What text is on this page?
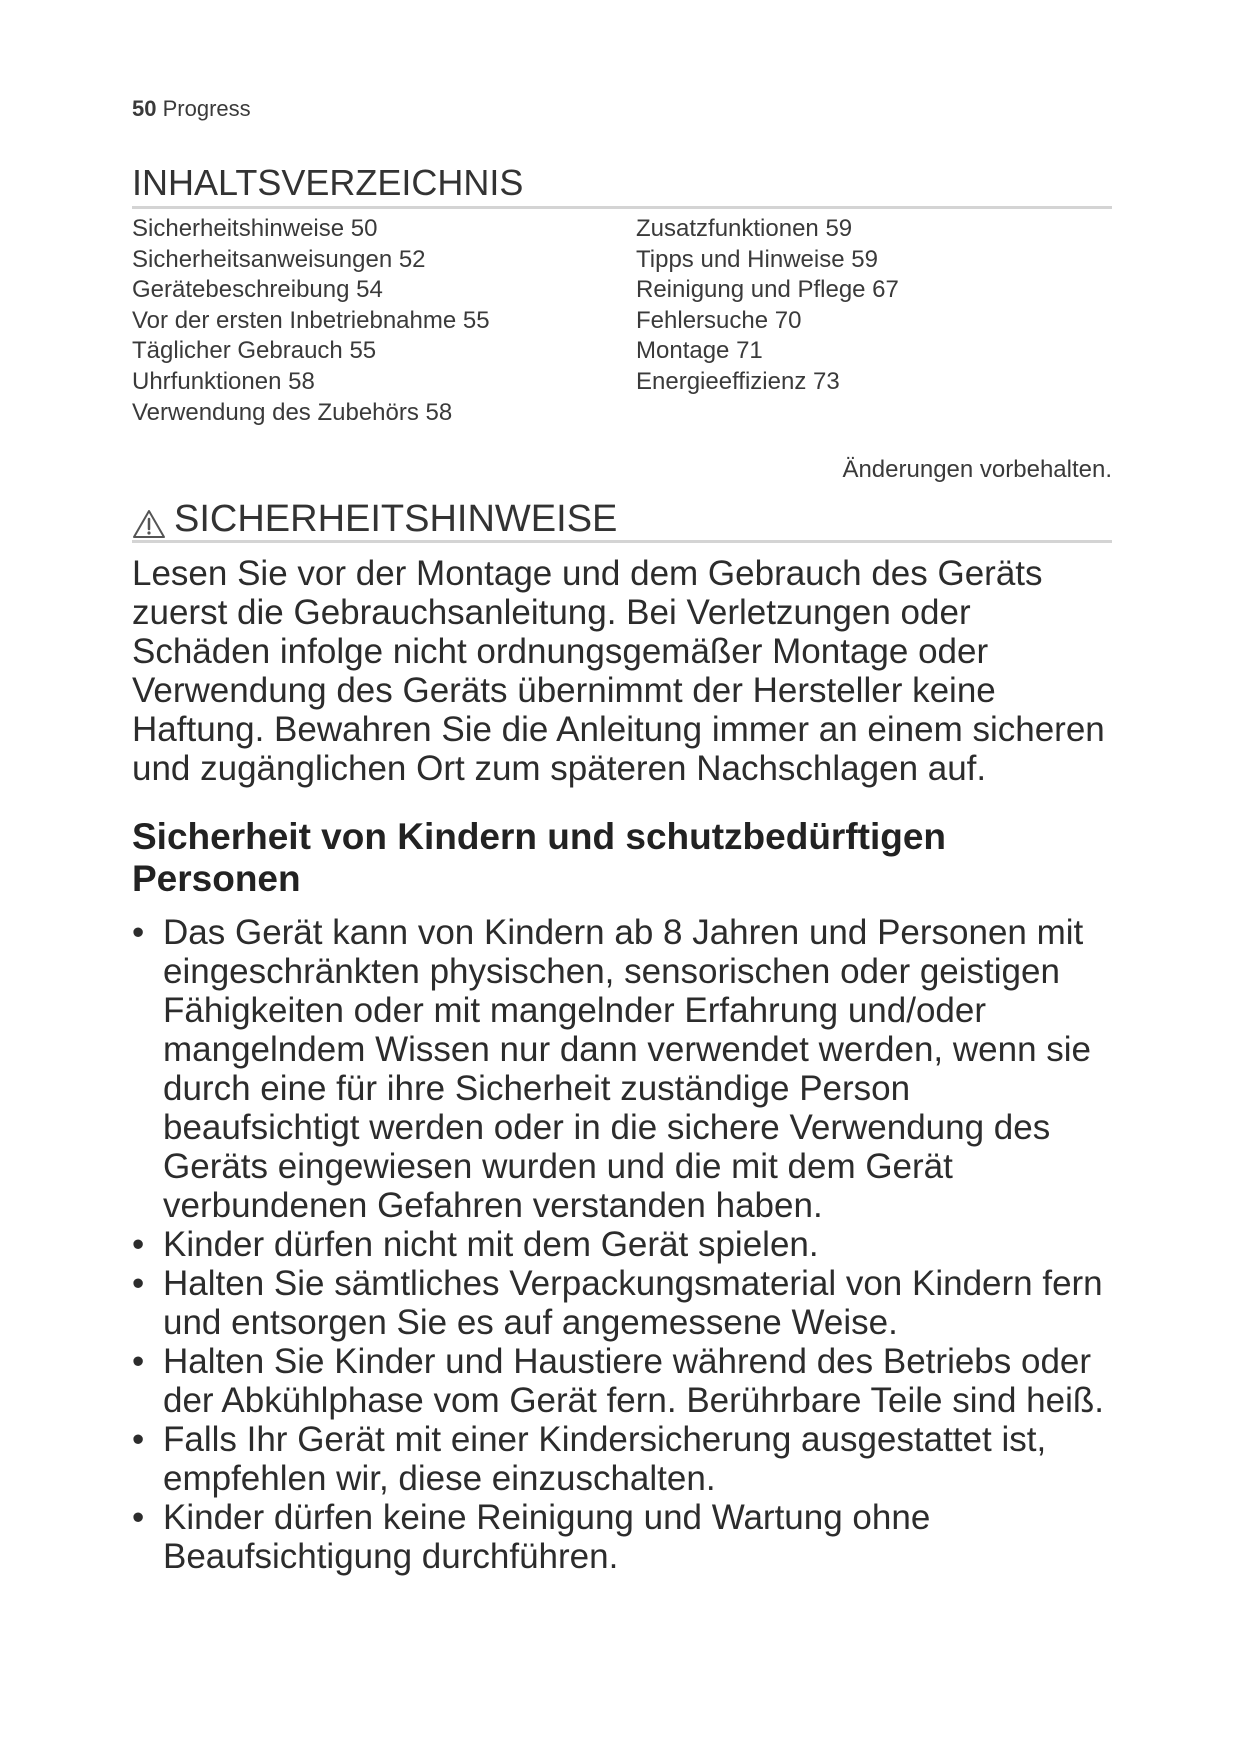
50 Progress
INHALTSVERZEICHNIS
Sicherheitshinweise 50
Sicherheitsanweisungen 52
Gerätebeschreibung 54
Vor der ersten Inbetriebnahme 55
Täglicher Gebrauch 55
Uhrfunktionen 58
Verwendung des Zubehörs 58
Zusatzfunktionen 59
Tipps und Hinweise 59
Reinigung und Pflege 67
Fehlersuche 70
Montage 71
Energieeffizienz 73
Änderungen vorbehalten.
SICHERHEITSHINWEISE

Lesen Sie vor der Montage und dem Gebrauch des Geräts zuerst die Gebrauchsanleitung. Bei Verletzungen oder Schäden infolge nicht ordnungsgemäßer Montage oder Verwendung des Geräts übernimmt der Hersteller keine Haftung. Bewahren Sie die Anleitung immer an einem sicheren und zugänglichen Ort zum späteren Nachschlagen auf.

Sicherheit von Kindern und schutzbedürftigen Personen
• Das Gerät kann von Kindern ab 8 Jahren und Personen mit eingeschränkten physischen, sensorischen oder geistigen Fähigkeiten oder mit mangelnder Erfahrung und/oder mangelndem Wissen nur dann verwendet werden, wenn sie durch eine für ihre Sicherheit zuständige Person beaufsichtigt werden oder in die sichere Verwendung des Geräts eingewiesen wurden und die mit dem Gerät verbundenen Gefahren verstanden haben.
• Kinder dürfen nicht mit dem Gerät spielen.
• Halten Sie sämtliches Verpackungsmaterial von Kindern fern und entsorgen Sie es auf angemessene Weise.
• Halten Sie Kinder und Haustiere während des Betriebs oder der Abkühlphase vom Gerät fern. Berührbare Teile sind heiß.
• Falls Ihr Gerät mit einer Kindersicherung ausgestattet ist, empfehlen wir, diese einzuschalten.
• Kinder dürfen keine Reinigung und Wartung ohne Beaufsichtigung durchführen.
